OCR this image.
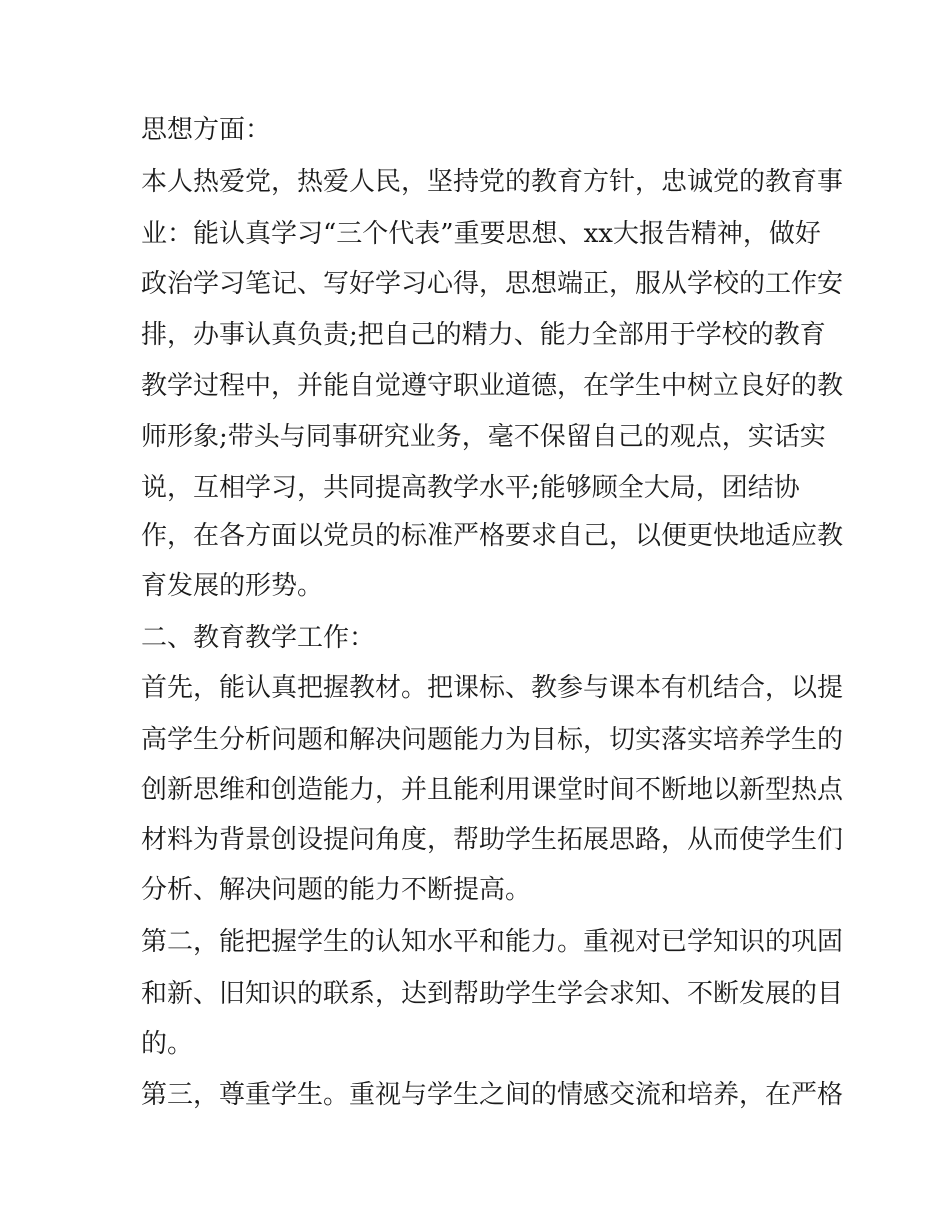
思想方面：
本人热爱党，热爱人民，坚持党的教育方针，忠诚党的教育事
业：能认真学习“三个代表”重要思想、xx大报告精神，做好
政治学习笔记、写好学习心得，思想端正，服从学校的工作安
排，办事认真负责;把自己的精力、能力全部用于学校的教育
教学过程中，并能自觉遵守职业道德，在学生中树立良好的教
师形象;带头与同事研究业务，毫不保留自己的观点，实话实
说，互相学习，共同提高教学水平;能够顾全大局，团结协
作，在各方面以党员的标准严格要求自己，以便更快地适应教
育发展的形势。
二、教育教学工作：
首先，能认真把握教材。把课标、教参与课本有机结合，以提
高学生分析问题和解决问题能力为目标，切实落实培养学生的
创新思维和创造能力，并且能利用课堂时间不断地以新型热点
材料为背景创设提问角度，帮助学生拓展思路，从而使学生们
分析、解决问题的能力不断提高。
第二，能把握学生的认知水平和能力。重视对已学知识的巩固
和新、旧知识的联系，达到帮助学生学会求知、不断发展的目
的。
第三，尊重学生。重视与学生之间的情感交流和培养，在严格
